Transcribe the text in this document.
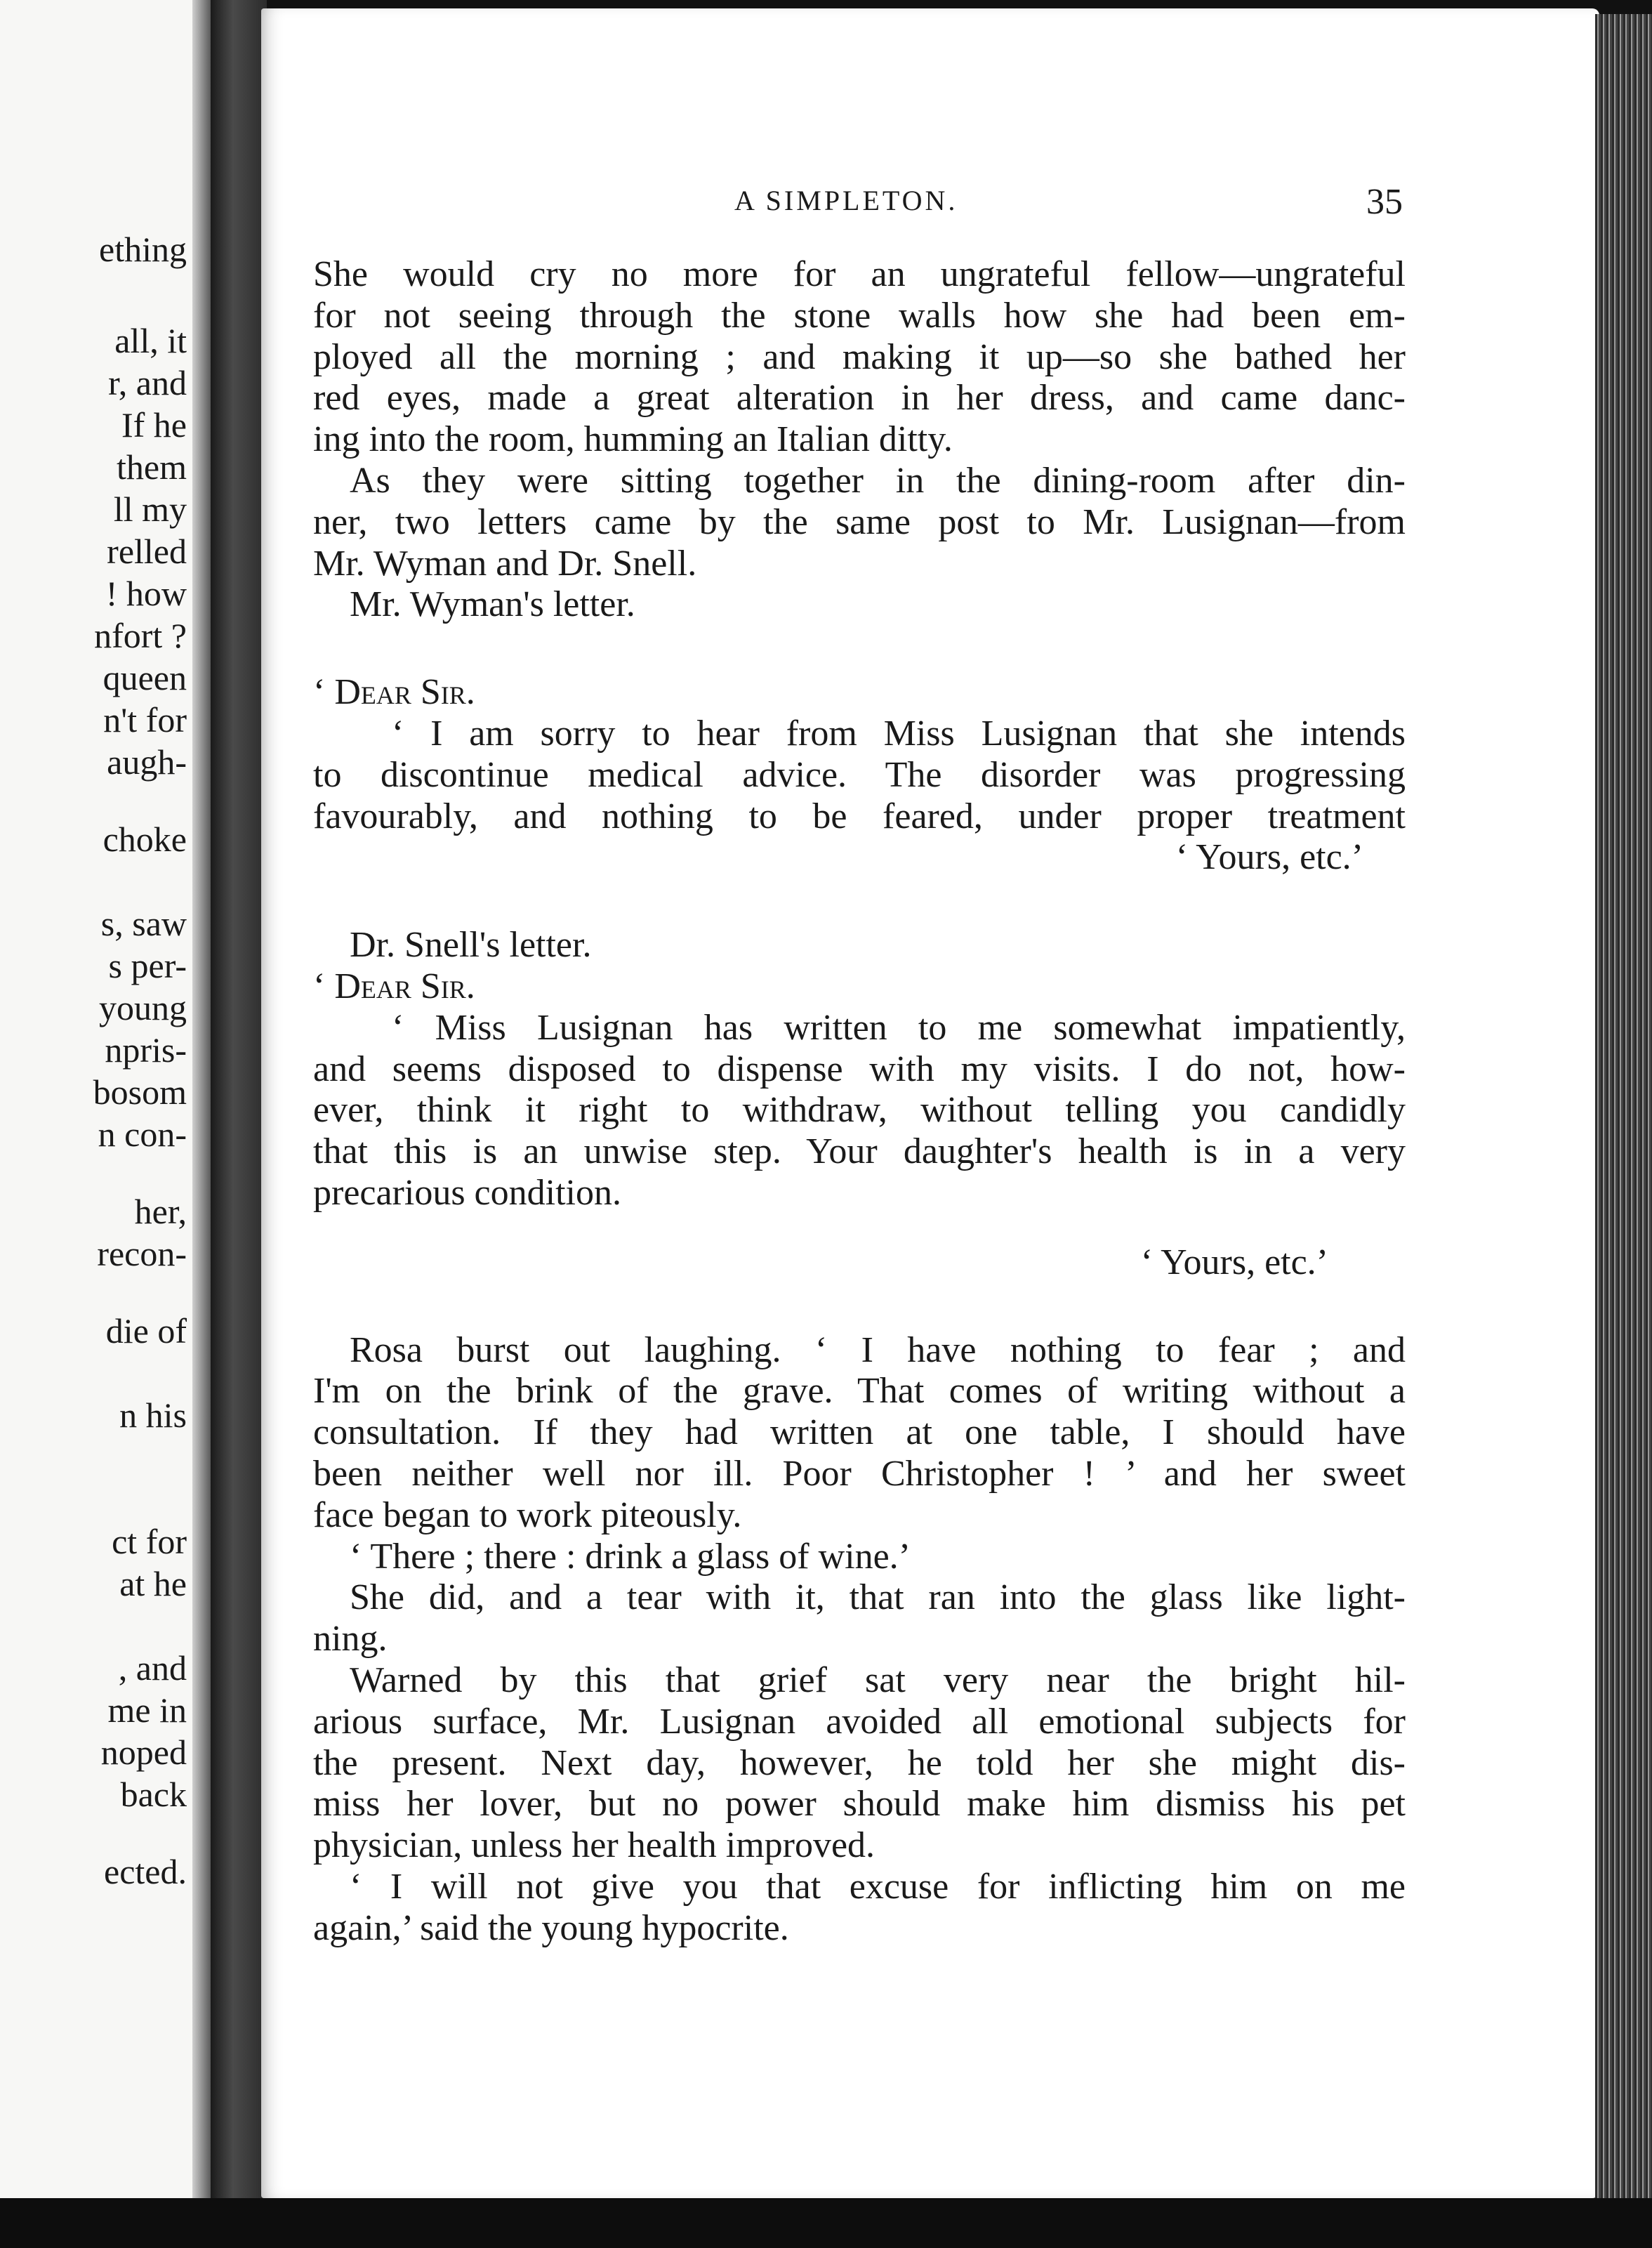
ething
all, it
r, and
If he
them
ll my
relled
! how
nfort ?
queen
n't for
augh-
choke
s, saw
s per-
young
npris-
bosom
n con-
her,
recon-
die of
n his
ct for
at he
, and
me in
noped
back
ected.
A SIMPLETON.	35
She would cry no more for an ungrateful fellow—ungrateful
for not seeing through the stone walls how she had been em-
ployed all the morning ; and making it up—so she bathed her
red eyes, made a great alteration in her dress, and came danc-
ing into the room, humming an Italian ditty.
As they were sitting together in the dining-room after din-
ner, two letters came by the same post to Mr. Lusignan—from
Mr. Wyman and Dr. Snell.
Mr. Wyman's letter.
‘ Dear Sir.
‘ I am sorry to hear from Miss Lusignan that she intends
to discontinue medical advice. The disorder was progressing
favourably, and nothing to be feared, under proper treatment
‘ Yours, etc.’
Dr. Snell's letter.
‘ Dear Sir.
‘ Miss Lusignan has written to me somewhat impatiently,
and seems disposed to dispense with my visits. I do not, how-
ever, think it right to withdraw, without telling you candidly
that this is an unwise step. Your daughter's health is in a very
precarious condition.
‘ Yours, etc.’
Rosa burst out laughing. ‘ I have nothing to fear ; and
I'm on the brink of the grave. That comes of writing without a
consultation. If they had written at one table, I should have
been neither well nor ill. Poor Christopher ! ’ and her sweet
face began to work piteously.
‘ There ; there : drink a glass of wine.’
She did, and a tear with it, that ran into the glass like light-
ning.
Warned by this that grief sat very near the bright hil-
arious surface, Mr. Lusignan avoided all emotional subjects for
the present. Next day, however, he told her she might dis-
miss her lover, but no power should make him dismiss his pet
physician, unless her health improved.
‘ I will not give you that excuse for inflicting him on me
again,’ said the young hypocrite.
